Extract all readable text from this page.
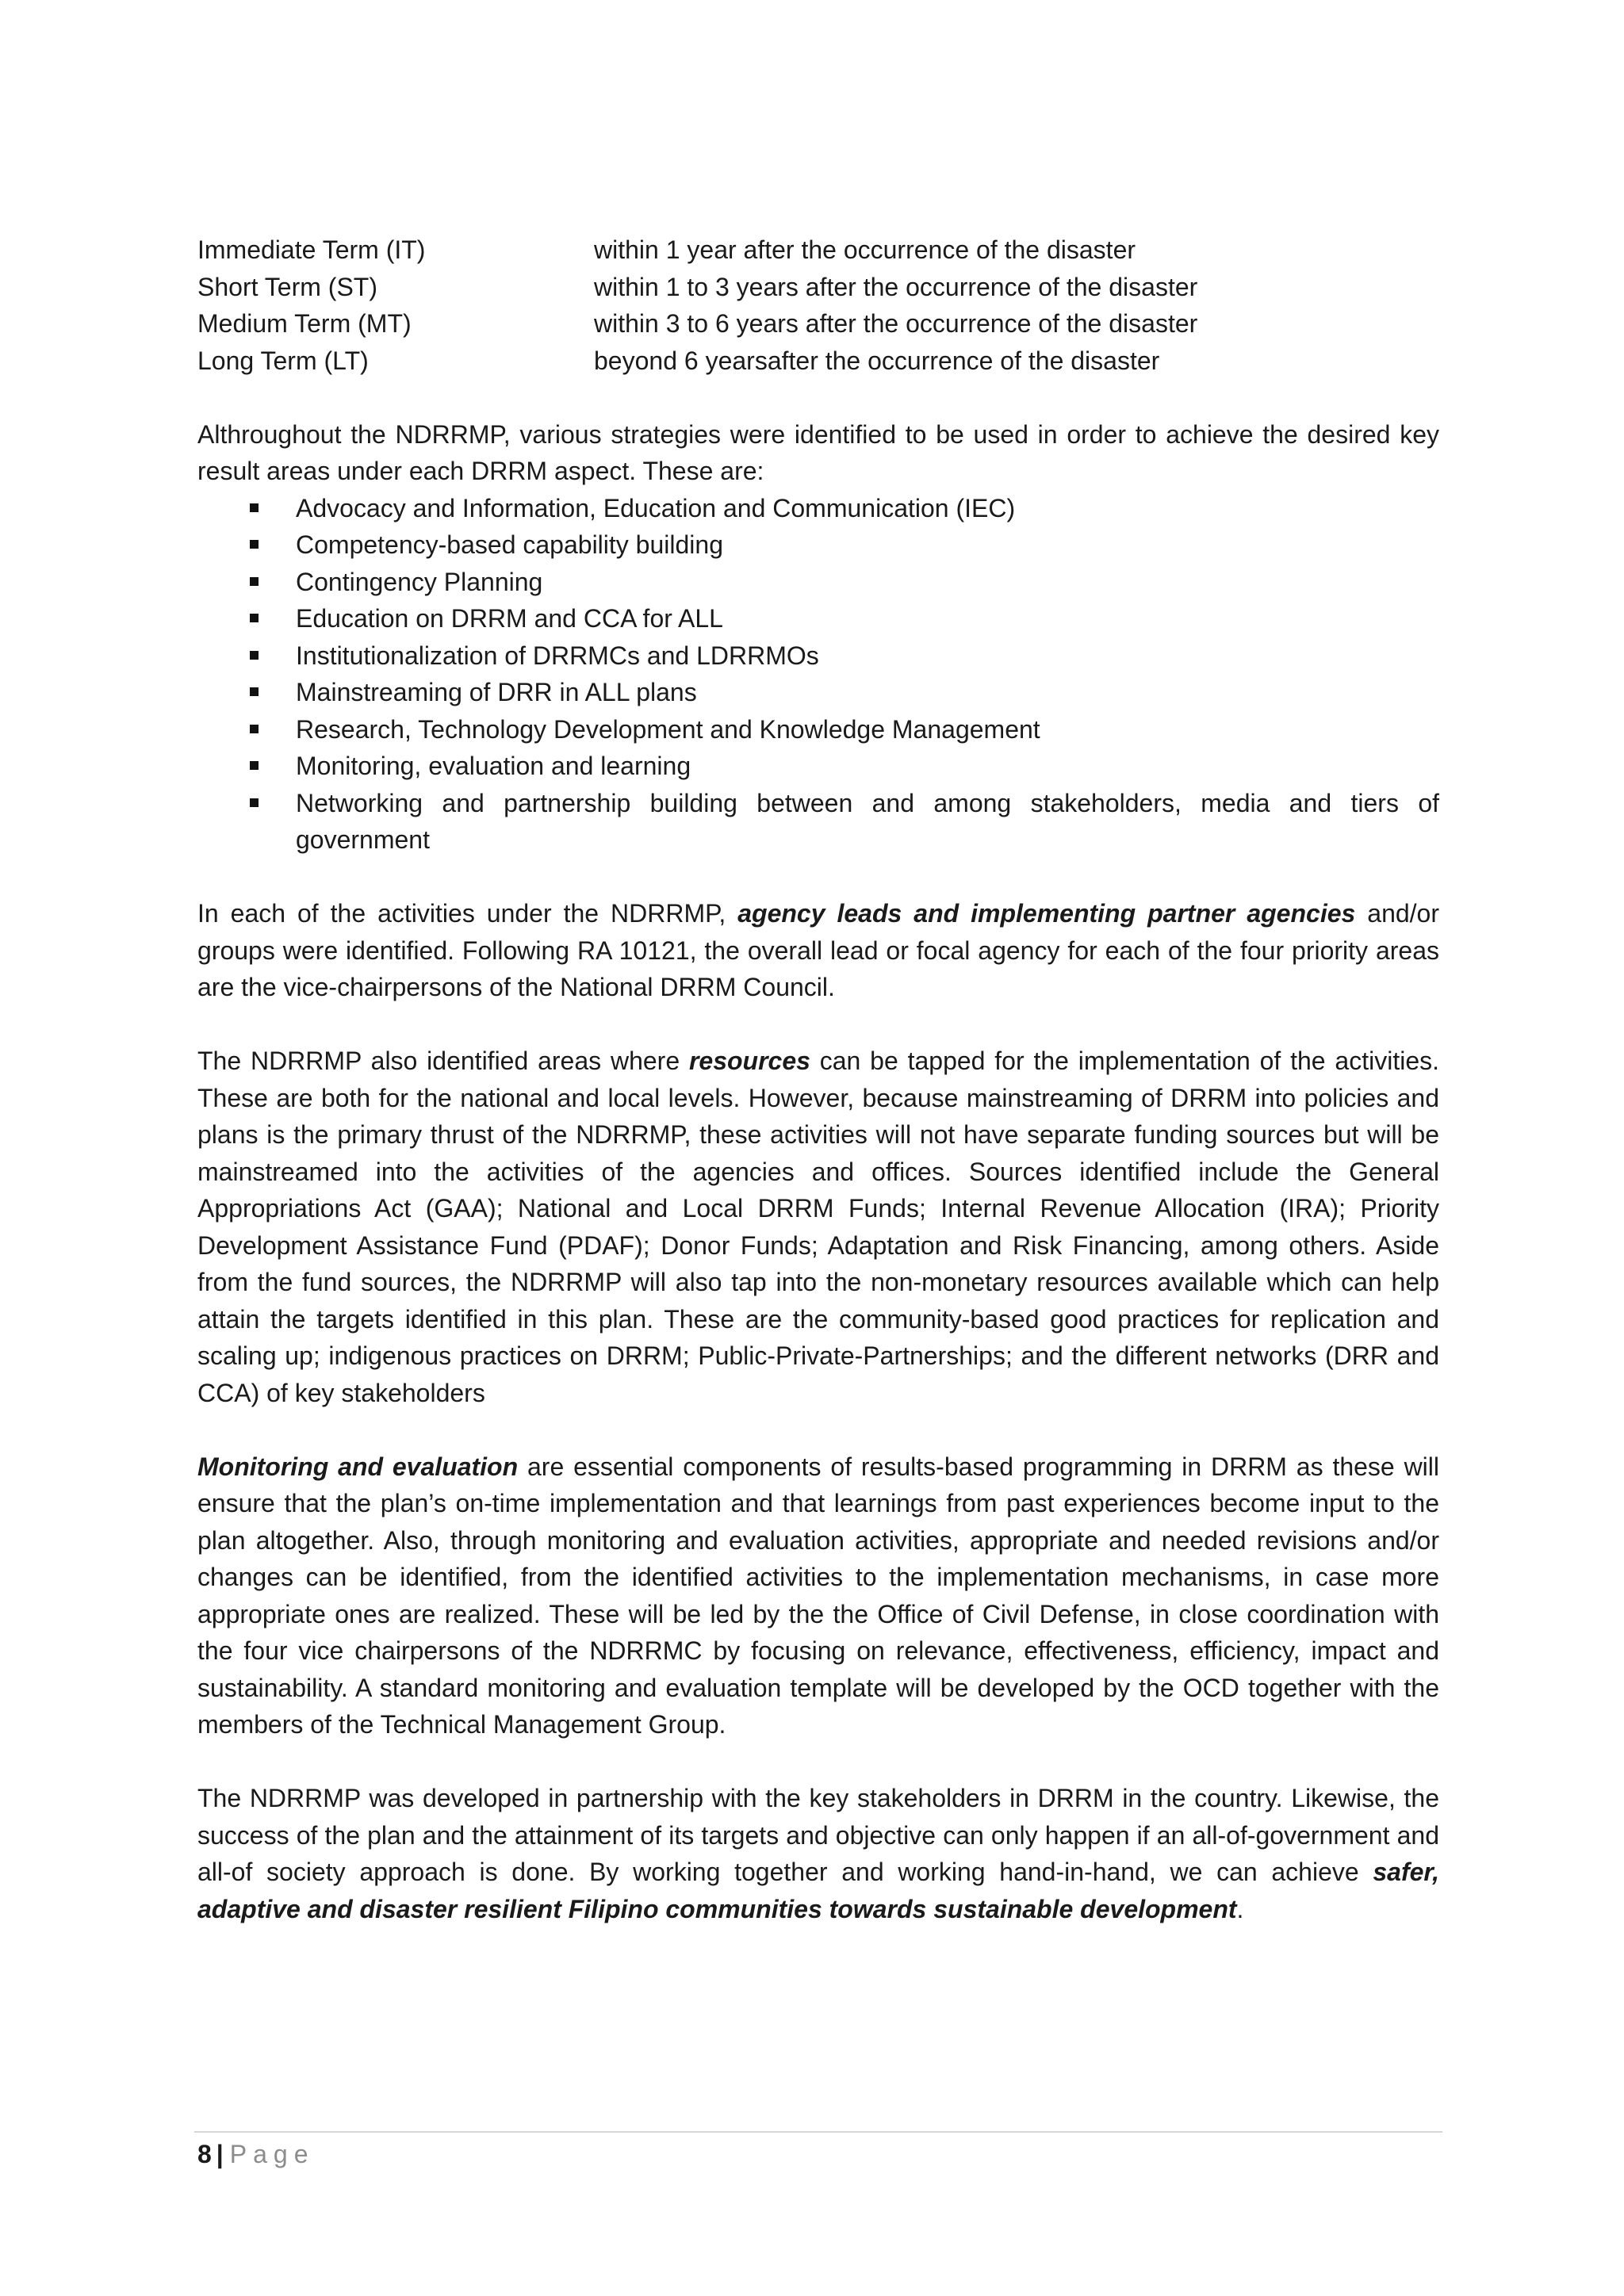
Immediate Term (IT)	within 1 year after the occurrence of the disaster
Short Term (ST)	within 1 to 3 years after the occurrence of the disaster
Medium Term (MT)	within 3 to 6 years after the occurrence of the disaster
Long Term (LT)	beyond 6 yearsafter the occurrence of the disaster

Althroughout the NDRRMP, various strategies were identified to be used in order to achieve the desired key result areas under each DRRM aspect. These are:

Advocacy and Information, Education and Communication (IEC)
Competency-based capability building
Contingency Planning
Education on DRRM and CCA for ALL
Institutionalization of DRRMCs and LDRRMOs
Mainstreaming of DRR in ALL plans
Research, Technology Development and Knowledge Management
Monitoring, evaluation and learning
Networking and partnership building between and among stakeholders, media and tiers of government

In each of the activities under the NDRRMP, agency leads and implementing partner agencies and/or groups were identified. Following RA 10121, the overall lead or focal agency for each of the four priority areas are the vice-chairpersons of the National DRRM Council.

The NDRRMP also identified areas where resources can be tapped for the implementation of the activities. These are both for the national and local levels. However, because mainstreaming of DRRM into policies and plans is the primary thrust of the NDRRMP, these activities will not have separate funding sources but will be mainstreamed into the activities of the agencies and offices. Sources identified include the General Appropriations Act (GAA); National and Local DRRM Funds; Internal Revenue Allocation (IRA); Priority Development Assistance Fund (PDAF); Donor Funds; Adaptation and Risk Financing, among others. Aside from the fund sources, the NDRRMP will also tap into the non-monetary resources available which can help attain the targets identified in this plan. These are the community-based good practices for replication and scaling up; indigenous practices on DRRM; Public-Private-Partnerships; and the different networks (DRR and CCA) of key stakeholders

Monitoring and evaluation are essential components of results-based programming in DRRM as these will ensure that the plan’s on-time implementation and that learnings from past experiences become input to the plan altogether. Also, through monitoring and evaluation activities, appropriate and needed revisions and/or changes can be identified, from the identified activities to the implementation mechanisms, in case more appropriate ones are realized. These will be led by the the Office of Civil Defense, in close coordination with the four vice chairpersons of the NDRRMC by focusing on relevance, effectiveness, efficiency, impact and sustainability. A standard monitoring and evaluation template will be developed by the OCD together with the members of the Technical Management Group.

The NDRRMP was developed in partnership with the key stakeholders in DRRM in the country. Likewise, the success of the plan and the attainment of its targets and objective can only happen if an all-of-government and all-of society approach is done. By working together and working hand-in-hand, we can achieve safer, adaptive and disaster resilient Filipino communities towards sustainable development.

8 | Page
